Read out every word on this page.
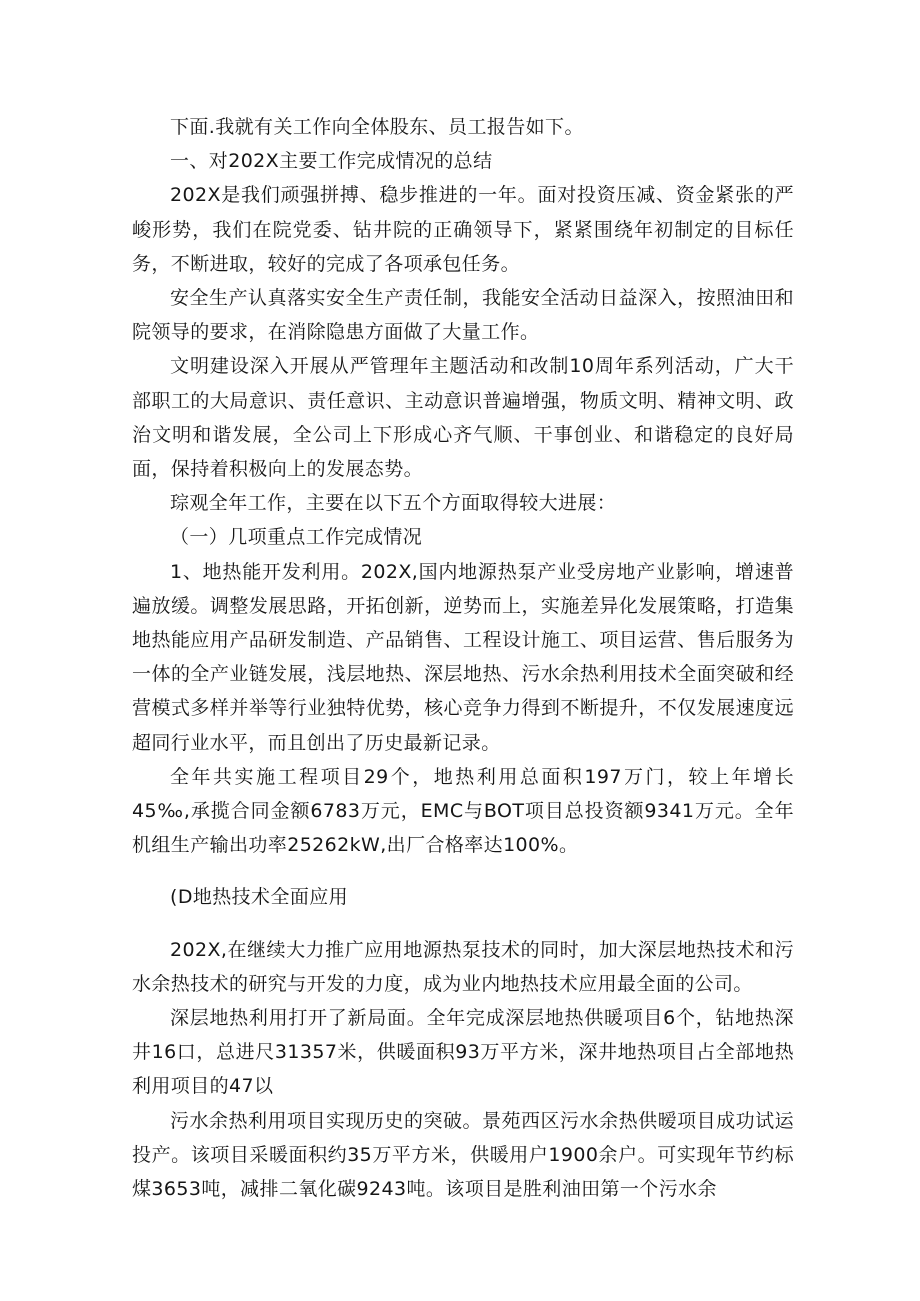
下面.我就有关工作向全体股东、员工报告如下。

一、对202X主要工作完成情况的总结

202X是我们顽强拼搏、稳步推进的一年。面对投资压减、资金紧张的严峻形势，我们在院党委、钻井院的正确领导下，紧紧围绕年初制定的目标任务，不断进取，较好的完成了各项承包任务。

安全生产认真落实安全生产责任制，我能安全活动日益深入，按照油田和院领导的要求，在消除隐患方面做了大量工作。

文明建设深入开展从严管理年主题活动和改制10周年系列活动，广大干部职工的大局意识、责任意识、主动意识普遍增强，物质文明、精神文明、政治文明和谐发展，全公司上下形成心齐气顺、干事创业、和谐稳定的良好局面，保持着积极向上的发展态势。

琮观全年工作，主要在以下五个方面取得较大进展：

（一）几项重点工作完成情况

1、地热能开发利用。202X,国内地源热泵产业受房地产业影响，增速普遍放缓。调整发展思路，开拓创新，逆势而上，实施差异化发展策略，打造集地热能应用产品研发制造、产品销售、工程设计施工、项目运营、售后服务为一体的全产业链发展，浅层地热、深层地热、污水余热利用技术全面突破和经营模式多样并举等行业独特优势，核心竞争力得到不断提升，不仅发展速度远超同行业水平，而且创出了历史最新记录。

全年共实施工程项目29个，地热利用总面积197万门，较上年增长45‰,承揽合同金额6783万元，EMC与BOT项目总投资额9341万元。全年机组生产输出功率25262kW,出厂合格率达100%。

(D地热技术全面应用

202X,在继续大力推广应用地源热泵技术的同时，加大深层地热技术和污水余热技术的研究与开发的力度，成为业内地热技术应用最全面的公司。

深层地热利用打开了新局面。全年完成深层地热供暖项目6个，钻地热深井16口，总进尺31357米，供暖面积93万平方米，深井地热项目占全部地热利用项目的47以

污水余热利用项目实现历史的突破。景苑西区污水余热供暧项目成功试运投产。该项目采暖面积约35万平方米，供暖用户1900余户。可实现年节约标煤3653吨，减排二氧化碳9243吨。该项目是胜利油田第一个污水余
